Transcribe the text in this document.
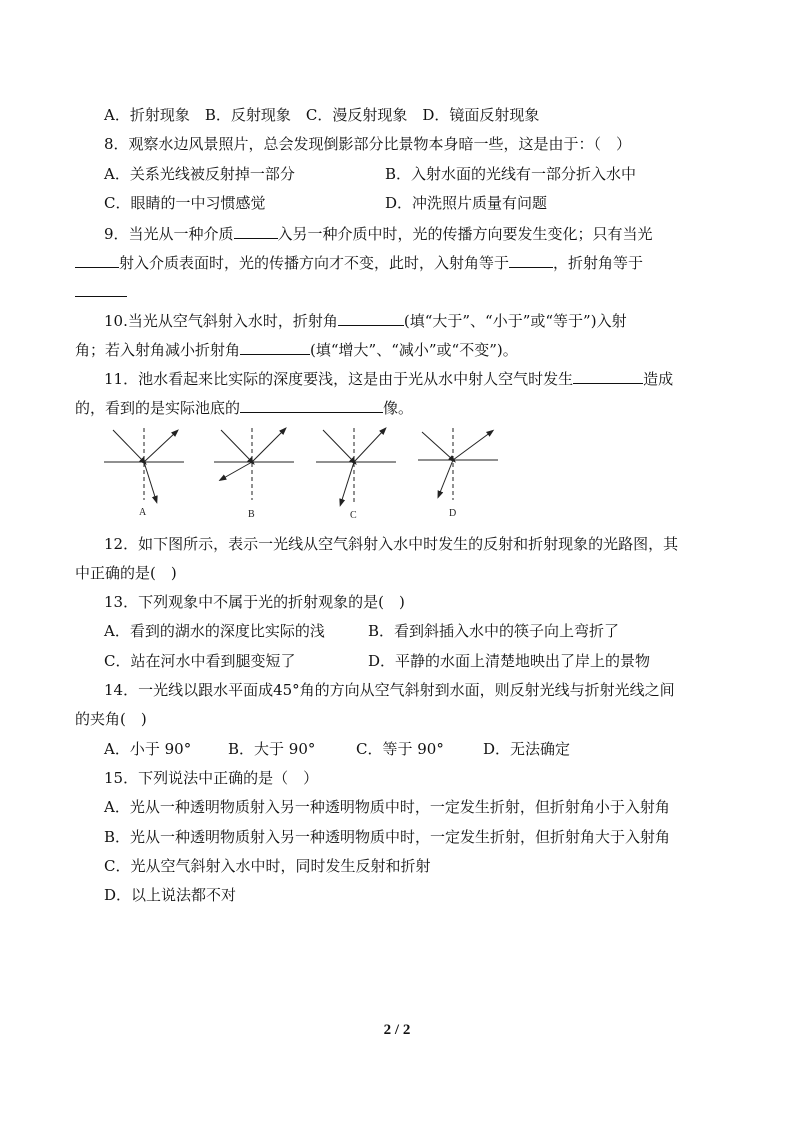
A．折射现象　B．反射现象　C．漫反射现象　D．镜面反射现象
8．观察水边风景照片，总会发现倒影部分比景物本身暗一些，这是由于：（　）
A．关系光线被反射掉一部分	B．入射水面的光线有一部分折入水中
C．眼睛的一中习惯感觉	D．冲洗照片质量有问题
9．当光从一种介质	入另一种介质中时，光的传播方向要发生变化；只有当光
射入介质表面时，光的传播方向才不变，此时，入射角等于	，折射角等于
10.当光从空气斜射入水时，折射角	(填“大于”、“小于”或“等于”)入射
角；若入射角减小折射角	(填“增大”、“减小”或“不变”)。
11．池水看起来比实际的深度要浅，这是由于光从水中射人空气时发生	造成
的，看到的是实际池底的	像。
A	B	C	D
12．如下图所示，表示一光线从空气斜射入水中时发生的反射和折射现象的光路图，其
中正确的是(　)
13．下列观象中不属于光的折射观象的是(　)
A．看到的湖水的深度比实际的浅	B．看到斜插入水中的筷子向上弯折了
C．站在河水中看到腿变短了	D．平静的水面上清楚地映出了岸上的景物
14．一光线以跟水平面成45°角的方向从空气斜射到水面，则反射光线与折射光线之间
的夹角(　)
A．小于 90° B．大于 90°	C．等于 90°	D．无法确定
15．下列说法中正确的是（　）
A．光从一种透明物质射入另一种透明物质中时，一定发生折射，但折射角小于入射角
B．光从一种透明物质射入另一种透明物质中时，一定发生折射，但折射角大于入射角
C．光从空气斜射入水中时，同时发生反射和折射
D．以上说法都不对
2 / 2
